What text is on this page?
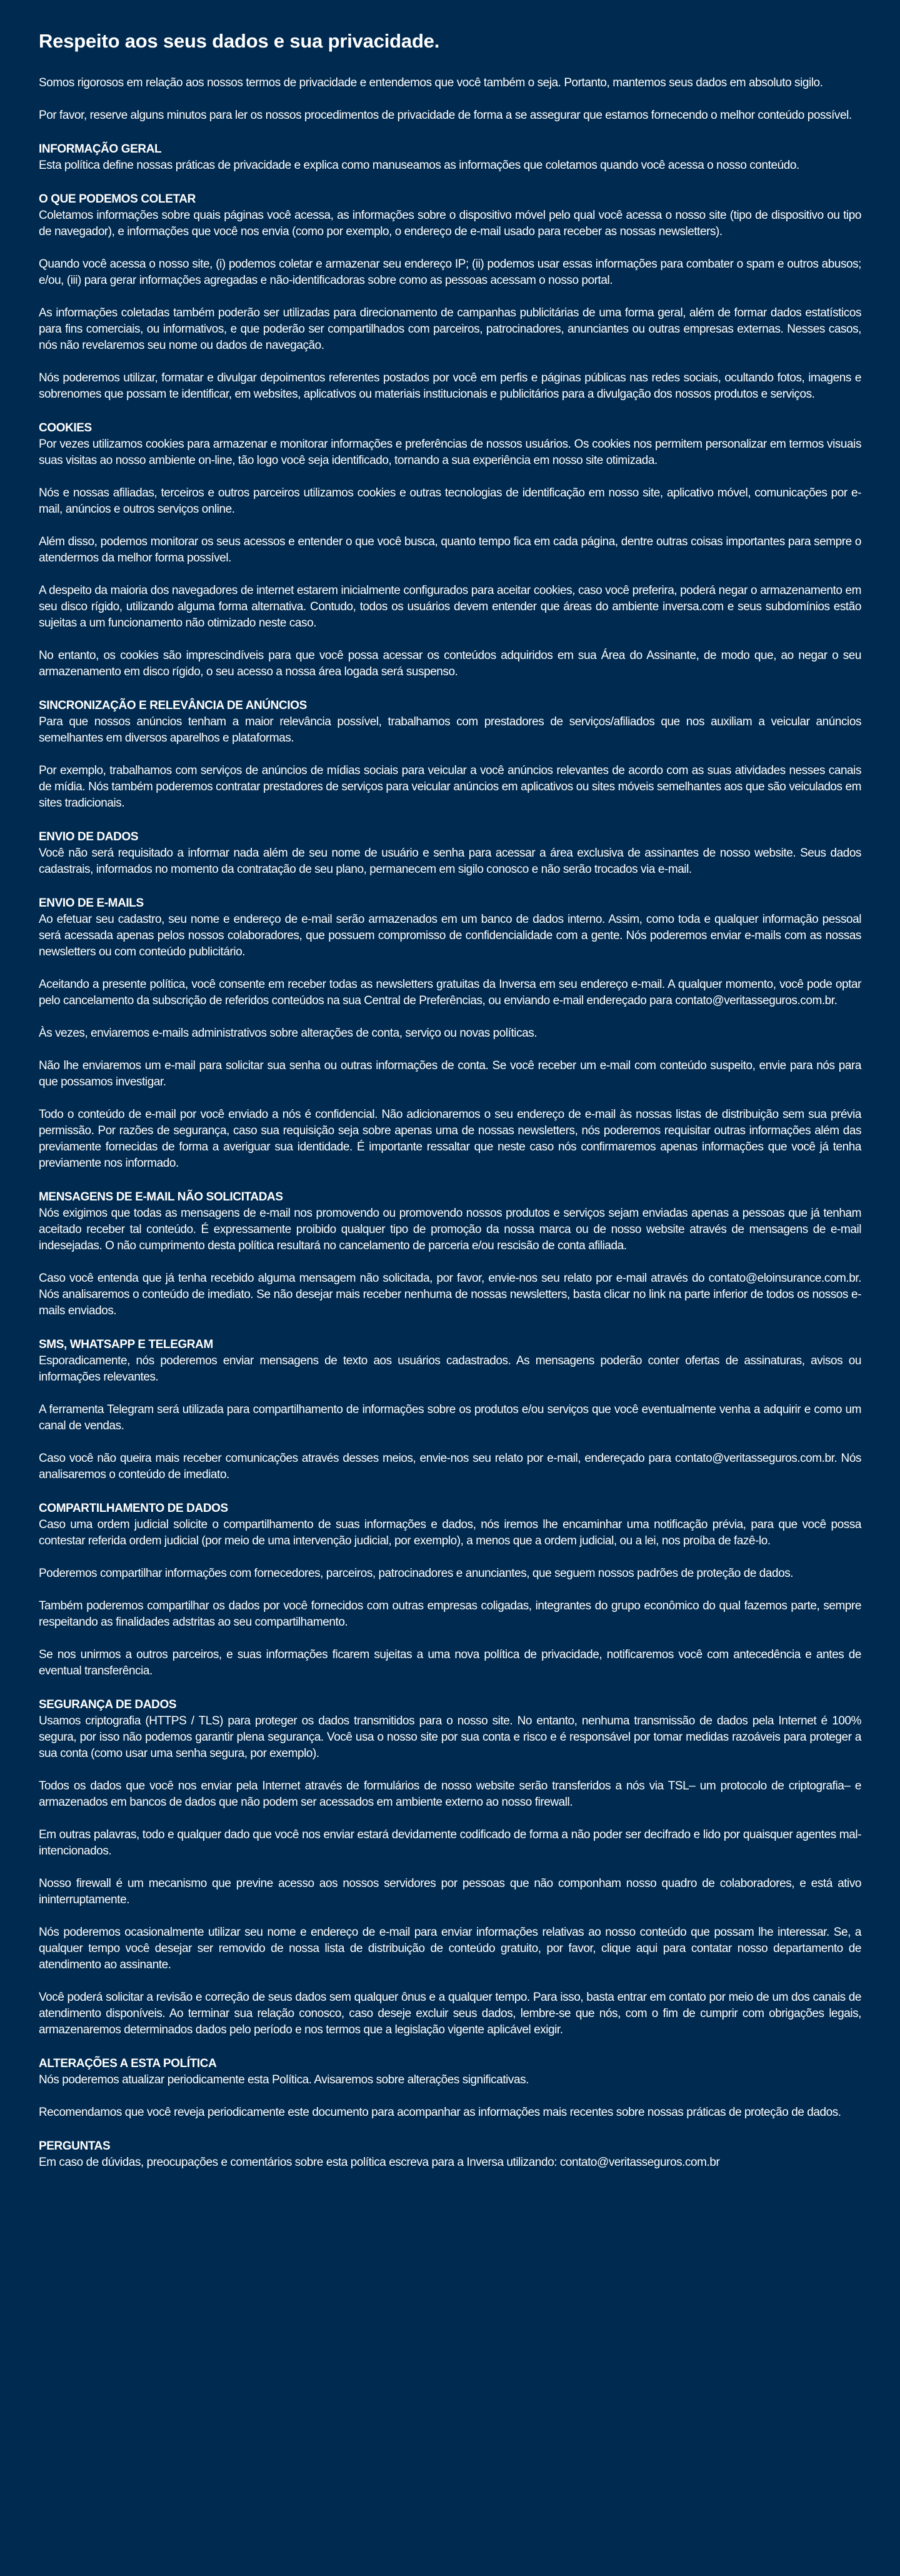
Respeito aos seus dados e sua privacidade.

Somos rigorosos em relação aos nossos termos de privacidade e entendemos que você também o seja. Portanto, mantemos seus dados em absoluto sigilo.

Por favor, reserve alguns minutos para ler os nossos procedimentos de privacidade de forma a se assegurar que estamos fornecendo o melhor conteúdo possível.

INFORMAÇÃO GERAL

Esta política define nossas práticas de privacidade e explica como manuseamos as informações que coletamos quando você acessa o nosso conteúdo.

O QUE PODEMOS COLETAR

Coletamos informações sobre quais páginas você acessa, as informações sobre o dispositivo móvel pelo qual você acessa o nosso site (tipo de dispositivo ou tipo de navegador), e informações que você nos envia (como por exemplo, o endereço de e-mail usado para receber as nossas newsletters).

Quando você acessa o nosso site, (i) podemos coletar e armazenar seu endereço IP; (ii) podemos usar essas informações para combater o spam e outros abusos; e/ou, (iii) para gerar informações agregadas e não-identificadoras sobre como as pessoas acessam o nosso portal.

As informações coletadas também poderão ser utilizadas para direcionamento de campanhas publicitárias de uma forma geral, além de formar dados estatísticos para fins comerciais, ou informativos, e que poderão ser compartilhados com parceiros, patrocinadores, anunciantes ou outras empresas externas. Nesses casos, nós não revelaremos seu nome ou dados de navegação.

Nós poderemos utilizar, formatar e divulgar depoimentos referentes postados por você em perfis e páginas públicas nas redes sociais, ocultando fotos, imagens e sobrenomes que possam te identificar, em websites, aplicativos ou materiais institucionais e publicitários para a divulgação dos nossos produtos e serviços.

COOKIES

Por vezes utilizamos cookies para armazenar e monitorar informações e preferências de nossos usuários. Os cookies nos permitem personalizar em termos visuais suas visitas ao nosso ambiente on-line, tão logo você seja identificado, tornando a sua experiência em nosso site otimizada.

Nós e nossas afiliadas, terceiros e outros parceiros utilizamos cookies e outras tecnologias de identificação em nosso site, aplicativo móvel, comunicações por e-mail, anúncios e outros serviços online.

Além disso, podemos monitorar os seus acessos e entender o que você busca, quanto tempo fica em cada página, dentre outras coisas importantes para sempre o atendermos da melhor forma possível.

A despeito da maioria dos navegadores de internet estarem inicialmente configurados para aceitar cookies, caso você preferira, poderá negar o armazenamento em seu disco rígido, utilizando alguma forma alternativa. Contudo, todos os usuários devem entender que áreas do ambiente inversa.com e seus subdomínios estão sujeitas a um funcionamento não otimizado neste caso.

No entanto, os cookies são imprescindíveis para que você possa acessar os conteúdos adquiridos em sua Área do Assinante, de modo que, ao negar o seu armazenamento em disco rígido, o seu acesso a nossa área logada será suspenso.

SINCRONIZAÇÃO E RELEVÂNCIA DE ANÚNCIOS

Para que nossos anúncios tenham a maior relevância possível, trabalhamos com prestadores de serviços/afiliados que nos auxiliam a veicular anúncios semelhantes em diversos aparelhos e plataformas.

Por exemplo, trabalhamos com serviços de anúncios de mídias sociais para veicular a você anúncios relevantes de acordo com as suas atividades nesses canais de mídia. Nós também poderemos contratar prestadores de serviços para veicular anúncios em aplicativos ou sites móveis semelhantes aos que são veiculados em sites tradicionais.

ENVIO DE DADOS

Você não será requisitado a informar nada além de seu nome de usuário e senha para acessar a área exclusiva de assinantes de nosso website. Seus dados cadastrais, informados no momento da contratação de seu plano, permanecem em sigilo conosco e não serão trocados via e-mail.

ENVIO DE E-MAILS

Ao efetuar seu cadastro, seu nome e endereço de e-mail serão armazenados em um banco de dados interno. Assim, como toda e qualquer informação pessoal será acessada apenas pelos nossos colaboradores, que possuem compromisso de confidencialidade com a gente. Nós poderemos enviar e-mails com as nossas newsletters ou com conteúdo publicitário.

Aceitando a presente política, você consente em receber todas as newsletters gratuitas da Inversa em seu endereço e-mail. A qualquer momento, você pode optar pelo cancelamento da subscrição de referidos conteúdos na sua Central de Preferências, ou enviando e-mail endereçado para contato@veritasseguros.com.br.

Às vezes, enviaremos e-mails administrativos sobre alterações de conta, serviço ou novas políticas.

Não lhe enviaremos um e-mail para solicitar sua senha ou outras informações de conta. Se você receber um e-mail com conteúdo suspeito, envie para nós para que possamos investigar.

Todo o conteúdo de e-mail por você enviado a nós é confidencial. Não adicionaremos o seu endereço de e-mail às nossas listas de distribuição sem sua prévia permissão. Por razões de segurança, caso sua requisição seja sobre apenas uma de nossas newsletters, nós poderemos requisitar outras informações além das previamente fornecidas de forma a averiguar sua identidade. É importante ressaltar que neste caso nós confirmaremos apenas informações que você já tenha previamente nos informado.

MENSAGENS DE E-MAIL NÃO SOLICITADAS

Nós exigimos que todas as mensagens de e-mail nos promovendo ou promovendo nossos produtos e serviços sejam enviadas apenas a pessoas que já tenham aceitado receber tal conteúdo. É expressamente proibido qualquer tipo de promoção da nossa marca ou de nosso website através de mensagens de e-mail indesejadas. O não cumprimento desta política resultará no cancelamento de parceria e/ou rescisão de conta afiliada.

Caso você entenda que já tenha recebido alguma mensagem não solicitada, por favor, envie-nos seu relato por e-mail através do contato@eloinsurance.com.br. Nós analisaremos o conteúdo de imediato. Se não desejar mais receber nenhuma de nossas newsletters, basta clicar no link na parte inferior de todos os nossos e-mails enviados.

SMS, WHATSAPP E TELEGRAM

Esporadicamente, nós poderemos enviar mensagens de texto aos usuários cadastrados. As mensagens poderão conter ofertas de assinaturas, avisos ou informações relevantes.

A ferramenta Telegram será utilizada para compartilhamento de informações sobre os produtos e/ou serviços que você eventualmente venha a adquirir e como um canal de vendas.

Caso você não queira mais receber comunicações através desses meios, envie-nos seu relato por e-mail, endereçado para contato@veritasseguros.com.br. Nós analisaremos o conteúdo de imediato.

COMPARTILHAMENTO DE DADOS

Caso uma ordem judicial solicite o compartilhamento de suas informações e dados, nós iremos lhe encaminhar uma notificação prévia, para que você possa contestar referida ordem judicial (por meio de uma intervenção judicial, por exemplo), a menos que a ordem judicial, ou a lei, nos proíba de fazê-lo.

Poderemos compartilhar informações com fornecedores, parceiros, patrocinadores e anunciantes, que seguem nossos padrões de proteção de dados.

Também poderemos compartilhar os dados por você fornecidos com outras empresas coligadas, integrantes do grupo econômico do qual fazemos parte, sempre respeitando as finalidades adstritas ao seu compartilhamento.

Se nos unirmos a outros parceiros, e suas informações ficarem sujeitas a uma nova política de privacidade, notificaremos você com antecedência e antes de eventual transferência.

SEGURANÇA DE DADOS

Usamos criptografia (HTTPS / TLS) para proteger os dados transmitidos para o nosso site. No entanto, nenhuma transmissão de dados pela Internet é 100% segura, por isso não podemos garantir plena segurança. Você usa o nosso site por sua conta e risco e é responsável por tomar medidas razoáveis para proteger a sua conta (como usar uma senha segura, por exemplo).

Todos os dados que você nos enviar pela Internet através de formulários de nosso website serão transferidos a nós via TSL– um protocolo de criptografia– e armazenados em bancos de dados que não podem ser acessados em ambiente externo ao nosso firewall.

Em outras palavras, todo e qualquer dado que você nos enviar estará devidamente codificado de forma a não poder ser decifrado e lido por quaisquer agentes mal-intencionados.

Nosso firewall é um mecanismo que previne acesso aos nossos servidores por pessoas que não componham nosso quadro de colaboradores, e está ativo ininterruptamente.

Nós poderemos ocasionalmente utilizar seu nome e endereço de e-mail para enviar informações relativas ao nosso conteúdo que possam lhe interessar. Se, a qualquer tempo você desejar ser removido de nossa lista de distribuição de conteúdo gratuito, por favor, clique aqui para contatar nosso departamento de atendimento ao assinante.

Você poderá solicitar a revisão e correção de seus dados sem qualquer ônus e a qualquer tempo. Para isso, basta entrar em contato por meio de um dos canais de atendimento disponíveis. Ao terminar sua relação conosco, caso deseje excluir seus dados, lembre-se que nós, com o fim de cumprir com obrigações legais, armazenaremos determinados dados pelo período e nos termos que a legislação vigente aplicável exigir.

ALTERAÇÕES A ESTA POLÍTICA

Nós poderemos atualizar periodicamente esta Política. Avisaremos sobre alterações significativas.

Recomendamos que você reveja periodicamente este documento para acompanhar as informações mais recentes sobre nossas práticas de proteção de dados.

PERGUNTAS

Em caso de dúvidas, preocupações e comentários sobre esta política escreva para a Inversa utilizando: contato@veritasseguros.com.br
